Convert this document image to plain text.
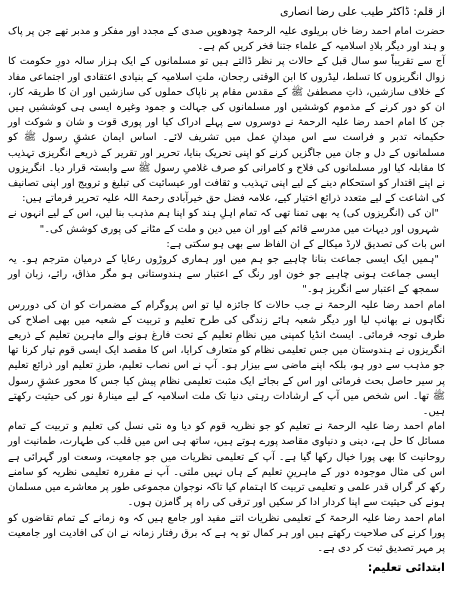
از قلم: ڈاکٹر طیب علی رضا انصاری

حضرت امام احمد رضا خاں بریلوی علیہ الرحمۃ چودھویں صدی کے مجدد اور مفکر و مدبر تھے جن پر پاک و ہند اور دیگر بلادِ اسلامیہ کے علماء جتنا فخر کریں کم ہے۔

آج سے تقریباً سو سال قبل کے حالات پر نظر ڈالتے ہیں تو مسلمانوں کے ایک ہزار سالہ دورِ حکومت کا زوال انگریزوں کا تسلط، لیڈروں کا ابن الوقتی رجحان، ملتِ اسلامیہ کے بنیادی اعتقادی اور اجتماعی مفاد کے خلاف سازشیں، ذاتِ مصطفیٰ ﷺ کے مقدس مقام پر ناپاک حملوں کی سازشیں اور ان کا طریقہ کار، ان کو دور کرنے کے مذموم کوششیں اور مسلمانوں کی جہالت و جمود وغیرہ ایسی ہی کوششیں ہیں جن کا امام احمد رضا علیہ الرحمۃ نے دوسروں سے پہلے ادراک کیا اور پوری قوت و شان و شوکت اور حکیمانہ تدبر و فراست سے اس میدانِ عمل میں تشریف لائے۔ اساس ایمان عشقِ رسول ﷺ کو مسلمانوں کے دل و جان میں جاگزیں کرنے کو اپنی تحریک بنایا، تحریر اور تقریر کے ذریعے انگریزی تہذیب کا مقابلہ کیا اور مسلمانوں کی فلاح و کامرانی کو صرف غلامیِ رسول ﷺ سے وابستہ قرار دیا۔ انگریزوں نے اپنے اقتدار کو استحکام دینے کے لیے اپنی تہذیب و ثقافت اور عیسائیت کی تبلیغ و ترویج اور اپنی تصانیف کی اشاعت کے لیے متعدد ذرائع اختیار کیے، علامہ فضل حق خیرآبادی رحمۃ اللہ علیہ تحریر فرماتے ہیں:

"ان کی (انگریزوں کی) یہ بھی تمنا تھی کہ تمام اہلِ ہند کو اپنا ہم مذہب بنا لیں، اس کے لیے انہوں نے شہروں اور دیہات میں مدرسے قائم کیے اور ان میں دین و ملت کے مٹانے کی پوری کوشش کی۔"

اس بات کی تصدیق لارڈ میکالے کے ان الفاظ سے بھی ہو سکتی ہے:

"ہمیں ایک ایسی جماعت بنانا چاہیے جو ہم میں اور ہماری کروڑوں رعایا کے درمیان مترجم ہو۔ یہ ایسی جماعت ہونی چاہیے جو خون اور رنگ کے اعتبار سے ہندوستانی ہو مگر مذاق، رائے، زبان اور سمجھ کے اعتبار سے انگریز ہو۔"

امام احمد رضا علیہ الرحمۃ نے جب حالات کا جائزہ لیا تو اس پروگرام کے مضمرات کو ان کی دوررس نگاہوں نے بھانپ لیا اور دیگر شعبہ ہائے زندگی کی طرح تعلیم و تربیت کے شعبہ میں بھی اصلاح کی طرف توجہ فرمائی۔ ایسٹ انڈیا کمپنی میں نظامِ تعلیم کے تحت فارغ ہونے والے ماہرین تعلیم کے ذریعے انگریزوں نے ہندوستان میں جس تعلیمی نظام کو متعارف کرایا، اس کا مقصد ایک ایسی قوم تیار کرنا تھا جو مذہب سے دور ہو، بلکہ اپنے ماضی سے بیزار ہو۔ آپ نے اس نصاب تعلیم، طرزِ تعلیم اور ذرائع تعلیم پر سیر حاصل بحث فرمائی اور اس کے بجائے ایک مثبت تعلیمی نظام پیش کیا جس کا محور عشقِ رسول ﷺ تھا۔ اس شخص میں آپ کے ارشادات رہتی دنیا تک ملت اسلامیہ کے لیے مینارۂ نور کی حیثیت رکھتے ہیں۔

امام احمد رضا علیہ الرحمۃ نے تعلیم کو جو نظریہ قوم کو دیا وہ نئی نسل کی تعلیم و تربیت کے تمام مسائل کا حل ہے، دینی و دنیاوی مقاصد پورے ہوتے ہیں، ساتھ ہی اس میں قلب کی طہارت، طمانیت اور روحانیت کا بھی پورا خیال رکھا گیا ہے۔ آپ کے تعلیمی نظریات میں جو جامعیت، وسعت اور گہرائی ہے اس کی مثال موجودہ دور کے ماہرینِ تعلیم کے ہاں نہیں ملتی۔ آپ نے مقررہ تعلیمی نظریہ کو سامنے رکھ کر گراں قدر علمی و تعلیمی تربیت کا اہتمام کیا تاکہ نوجوان مجموعی طور پر معاشرے میں مسلمان ہونے کی حیثیت سے اپنا کردار ادا کر سکیں اور ترقی کی راہ پر گامزن ہوں۔

امام احمد رضا علیہ الرحمۃ کے تعلیمی نظریات اتنے مفید اور جامع ہیں کہ وہ زمانے کے تمام تقاضوں کو پورا کرنے کی صلاحیت رکھتے ہیں اور ہر کمال تو یہ ہے کہ برق رفتار زمانہ نے ان کی افادیت اور جامعیت پر مہر تصدیق ثبت کر دی ہے۔

ابتدائی تعلیم:
